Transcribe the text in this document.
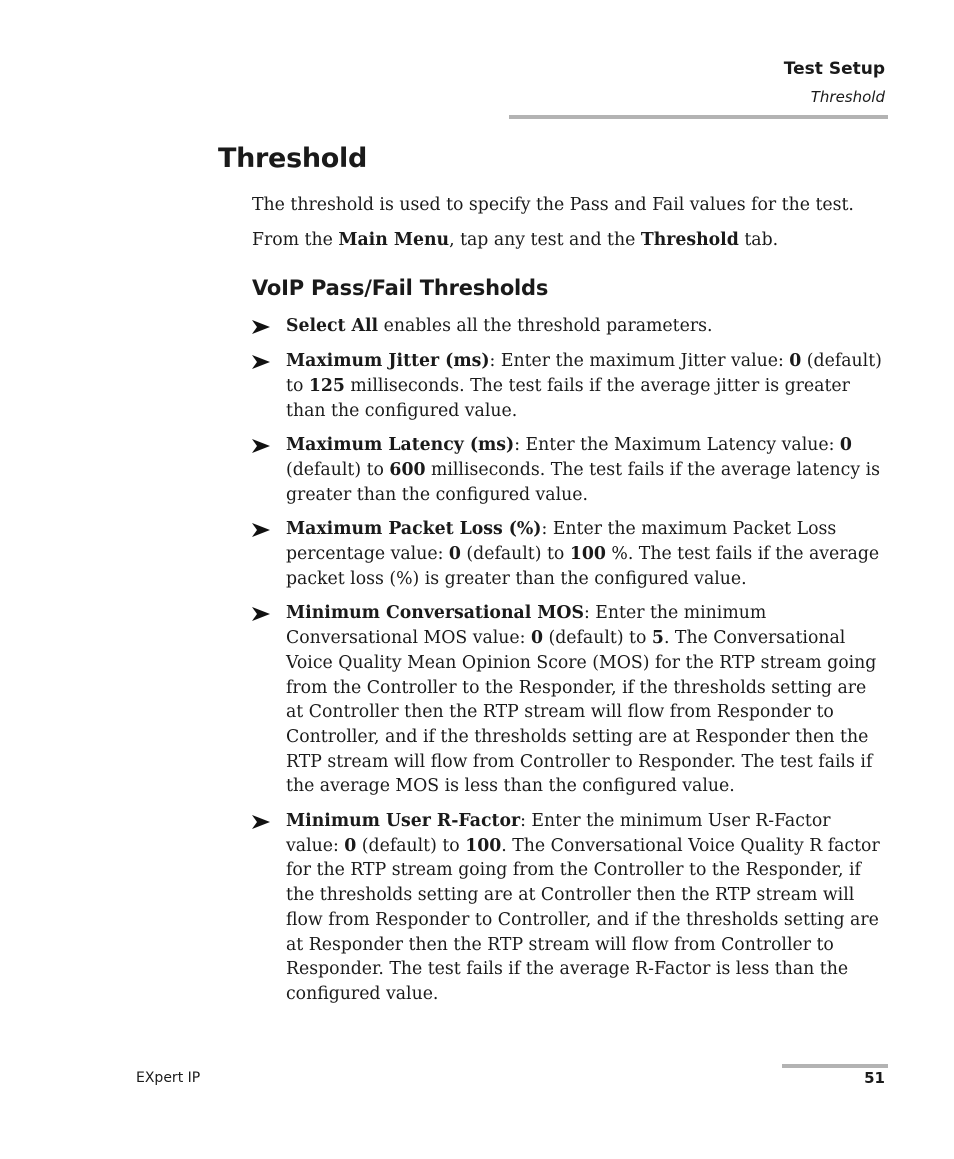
Test Setup
Threshold
Threshold

The threshold is used to specify the Pass and Fail values for the test.

From the Main Menu, tap any test and the Threshold tab.

VoIP Pass/Fail Thresholds
Select All enables all the threshold parameters.
Maximum Jitter (ms): Enter the maximum Jitter value: 0 (default) to 125 milliseconds. The test fails if the average jitter is greater than the configured value.
Maximum Latency (ms): Enter the Maximum Latency value: 0 (default) to 600 milliseconds. The test fails if the average latency is greater than the configured value.
Maximum Packet Loss (%): Enter the maximum Packet Loss percentage value: 0 (default) to 100 %. The test fails if the average packet loss (%) is greater than the configured value.
Minimum Conversational MOS: Enter the minimum Conversational MOS value: 0 (default) to 5. The Conversational Voice Quality Mean Opinion Score (MOS) for the RTP stream going from the Controller to the Responder, if the thresholds setting are at Controller then the RTP stream will flow from Responder to Controller, and if the thresholds setting are at Responder then the RTP stream will flow from Controller to Responder. The test fails if the average MOS is less than the configured value.
Minimum User R-Factor: Enter the minimum User R-Factor value: 0 (default) to 100. The Conversational Voice Quality R factor for the RTP stream going from the Controller to the Responder, if the thresholds setting are at Controller then the RTP stream will flow from Responder to Controller, and if the thresholds setting are at Responder then the RTP stream will flow from Controller to Responder. The test fails if the average R-Factor is less than the configured value.
EXpert IP	51
